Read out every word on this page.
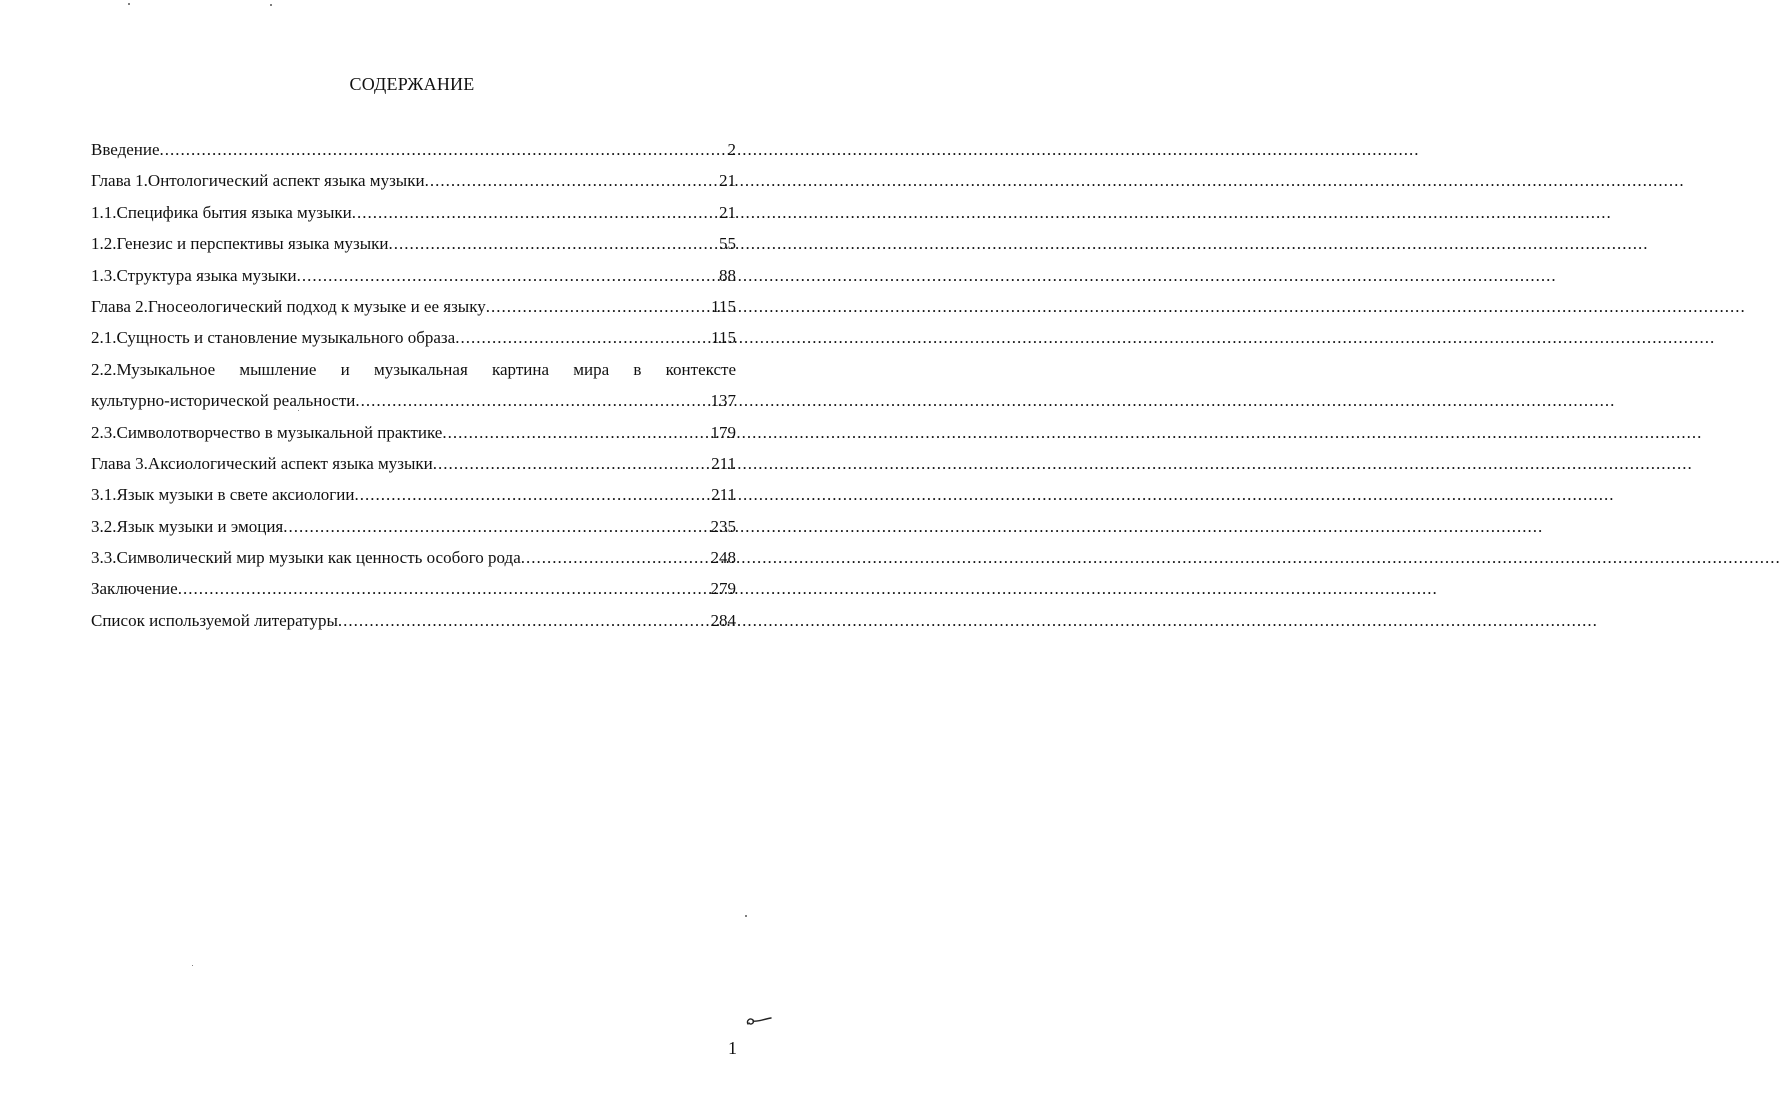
СОДЕРЖАНИЕ
Введение .....	2
Глава 1.Онтологический аспект языка музыки .....	21
1.1.Специфика бытия языка музыки .....	21
1.2.Генезис и перспективы языка музыки .....	55
1.3.Структура языка музыки .....	88
Глава 2.Гносеологический подход к музыке и ее языку .....	115
2.1.Сущность и становление музыкального образа .....	115
2.2.Музыкальное мышление и музыкальная картина мира в контексте
культурно-исторической реальности .....	137
2.3.Символотворчество в музыкальной практике .....	179
Глава 3.Аксиологический аспект языка музыки .....	211
3.1.Язык музыки в свете аксиологии .....	211
3.2.Язык музыки и эмоция .....	235
3.3.Символический мир музыки как ценность особого рода .....	248
Заключение .....	279
Список используемой литературы .....	284
1
